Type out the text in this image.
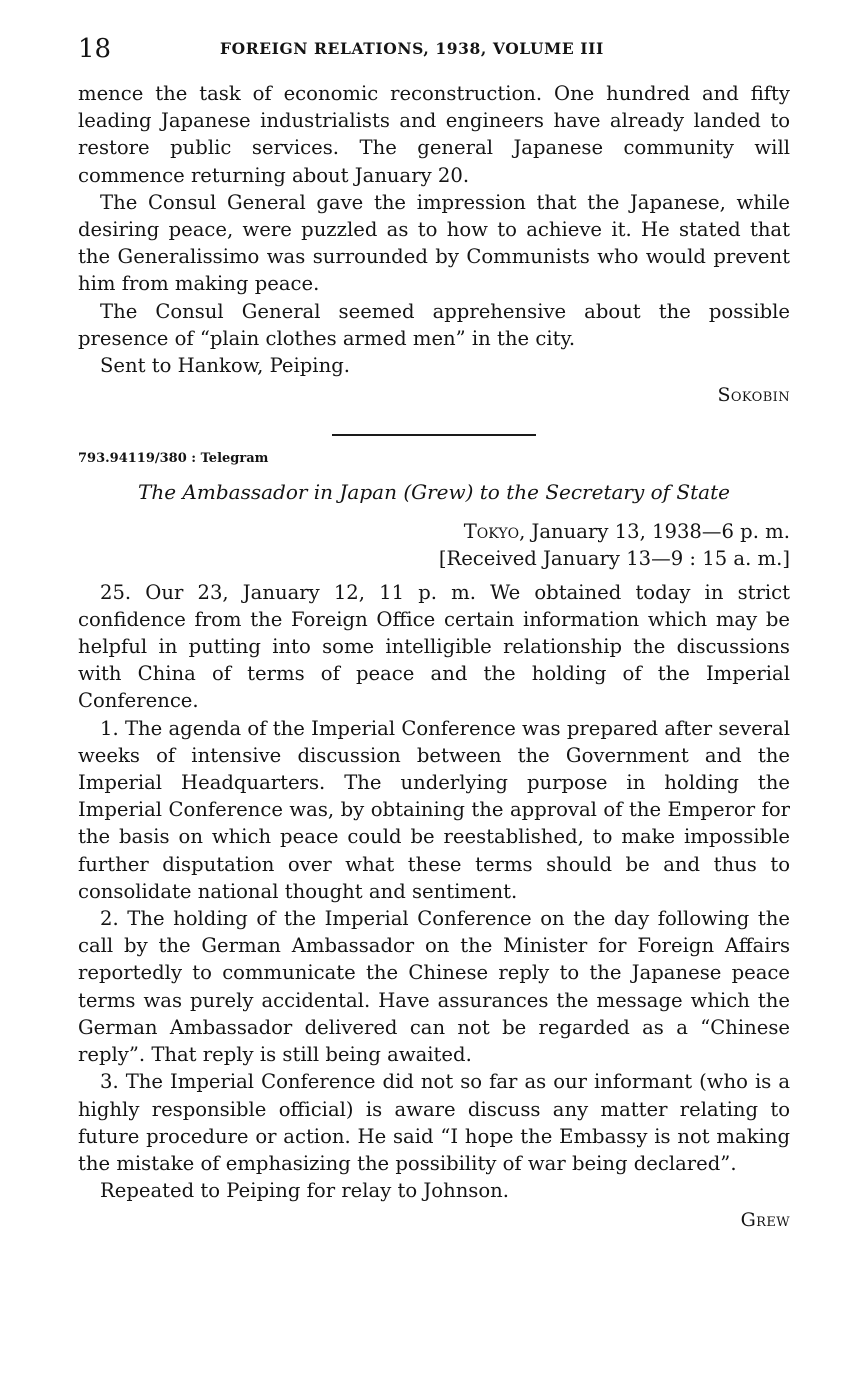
18	FOREIGN RELATIONS, 1938, VOLUME III

mence the task of economic reconstruction. One hundred and fifty leading Japanese industrialists and engineers have already landed to restore public services. The general Japanese community will commence returning about January 20.

The Consul General gave the impression that the Japanese, while desiring peace, were puzzled as to how to achieve it. He stated that the Generalissimo was surrounded by Communists who would prevent him from making peace.

The Consul General seemed apprehensive about the possible presence of “plain clothes armed men” in the city.

Sent to Hankow, Peiping.

Sokobin
793.94119/380 : Telegram
The Ambassador in Japan (Grew) to the Secretary of State
Tokyo, January 13, 1938—6 p. m.
[Received January 13—9 : 15 a. m.]

25. Our 23, January 12, 11 p. m. We obtained today in strict confidence from the Foreign Office certain information which may be helpful in putting into some intelligible relationship the discussions with China of terms of peace and the holding of the Imperial Conference.

1. The agenda of the Imperial Conference was prepared after several weeks of intensive discussion between the Government and the Imperial Headquarters. The underlying purpose in holding the Imperial Conference was, by obtaining the approval of the Emperor for the basis on which peace could be reestablished, to make impossible further disputation over what these terms should be and thus to consolidate national thought and sentiment.

2. The holding of the Imperial Conference on the day following the call by the German Ambassador on the Minister for Foreign Affairs reportedly to communicate the Chinese reply to the Japanese peace terms was purely accidental. Have assurances the message which the German Ambassador delivered can not be regarded as a “Chinese reply”. That reply is still being awaited.

3. The Imperial Conference did not so far as our informant (who is a highly responsible official) is aware discuss any matter relating to future procedure or action. He said “I hope the Embassy is not making the mistake of emphasizing the possibility of war being declared”.

Repeated to Peiping for relay to Johnson.

Grew
